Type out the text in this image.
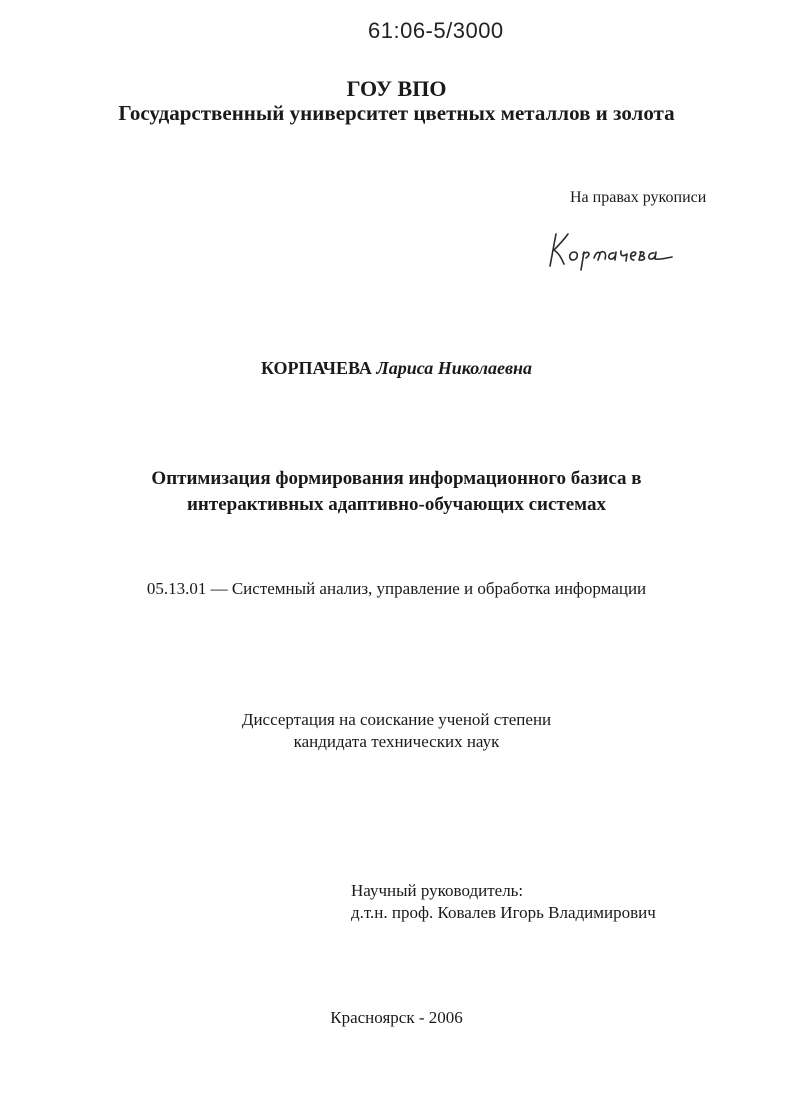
61:06-5/3000
ГОУ ВПО
Государственный университет цветных металлов и золота
На правах рукописи
КОРПАЧЕВА Лариса Николаевна
Оптимизация формирования информационного базиса в
интерактивных адаптивно-обучающих системах
05.13.01 — Системный анализ, управление и обработка информации
Диссертация на соискание ученой степени
кандидата технических наук
Научный руководитель:
д.т.н. проф. Ковалев Игорь Владимирович
Красноярск - 2006
